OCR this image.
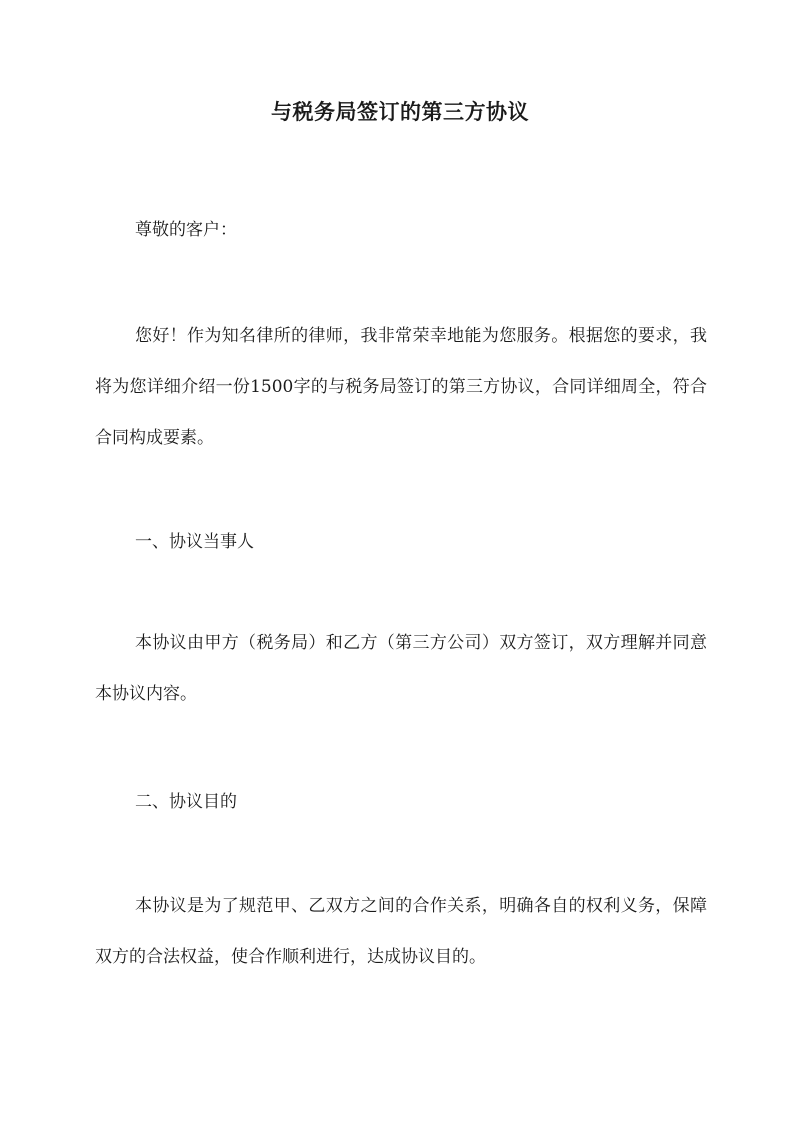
与税务局签订的第三方协议

尊敬的客户：

您好！作为知名律所的律师，我非常荣幸地能为您服务。根据您的要求，我将为您详细介绍一份1500字的与税务局签订的第三方协议，合同详细周全，符合合同构成要素。

一、协议当事人

本协议由甲方（税务局）和乙方（第三方公司）双方签订，双方理解并同意本协议内容。

二、协议目的

本协议是为了规范甲、乙双方之间的合作关系，明确各自的权利义务，保障双方的合法权益，使合作顺利进行，达成协议目的。
